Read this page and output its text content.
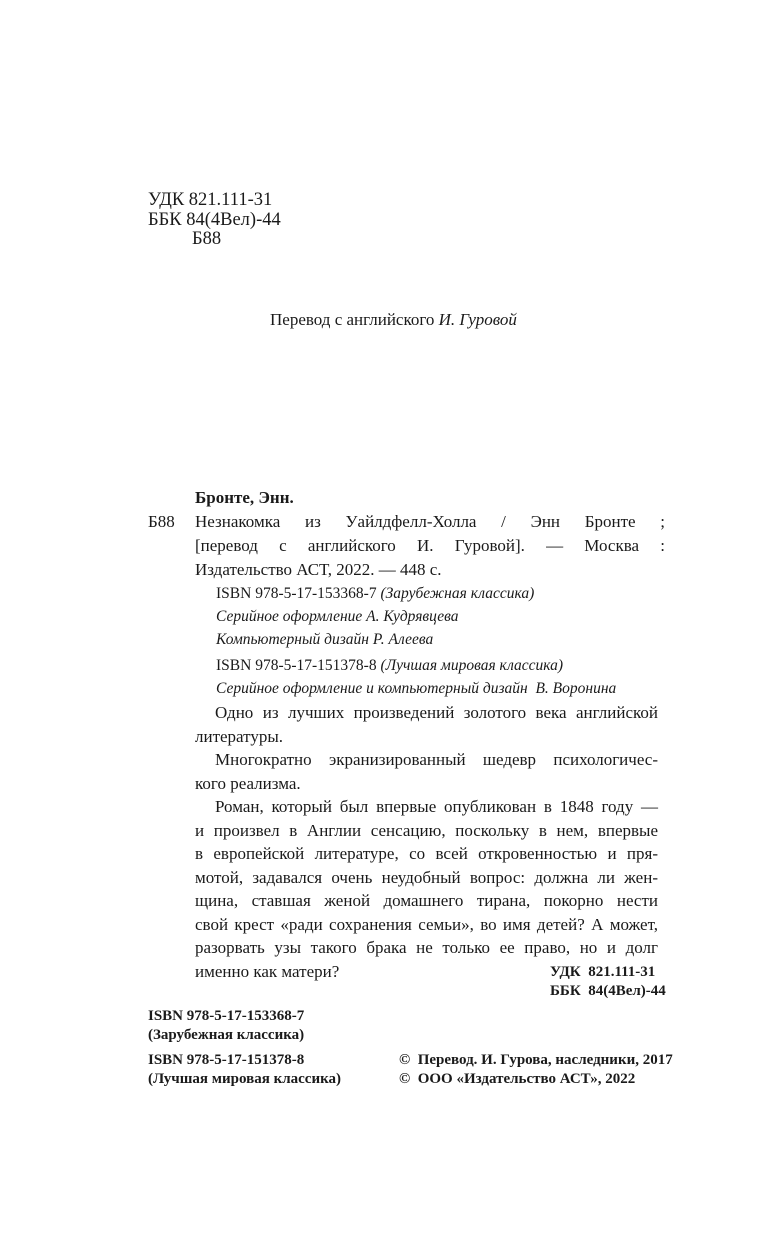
УДК 821.111-31
ББК 84(4Вел)-44
Б88
Перевод с английского И. Гуровой
Бронте, Энн.
Б88 Незнакомка из Уайлдфелл-Холла / Энн Бронте ;
[перевод с английского И. Гуровой]. — Москва :
Издательство АСТ, 2022. — 448 с.
ISBN 978-5-17-153368-7 (Зарубежная классика)
Серийное оформление А. Кудрявцева
Компьютерный дизайн Р. Алеева
ISBN 978-5-17-151378-8 (Лучшая мировая классика)
Серийное оформление и компьютерный дизайн  В. Воронина
Одно из лучших произведений золотого века английской
литературы.
Многократно экранизированный шедевр психологичес-
кого реализма.
Роман, который был впервые опубликован в 1848 году —
и произвел в Англии сенсацию, поскольку в нем, впервые
в европейской литературе, со всей откровенностью и пря-
мотой, задавался очень неудобный вопрос: должна ли жен-
щина, ставшая женой домашнего тирана, покорно нести
свой крест «ради сохранения семьи», во имя детей? А может,
разорвать узы такого брака не только ее право, но и долг
именно как матери?	УДК  821.111-31
ББК  84(4Вел)-44
ISBN 978-5-17-153368-7
(Зарубежная классика)
ISBN 978-5-17-151378-8
(Лучшая мировая классика)
©  Перевод. И. Гурова, наследники, 2017
©  ООО «Издательство АСТ», 2022
